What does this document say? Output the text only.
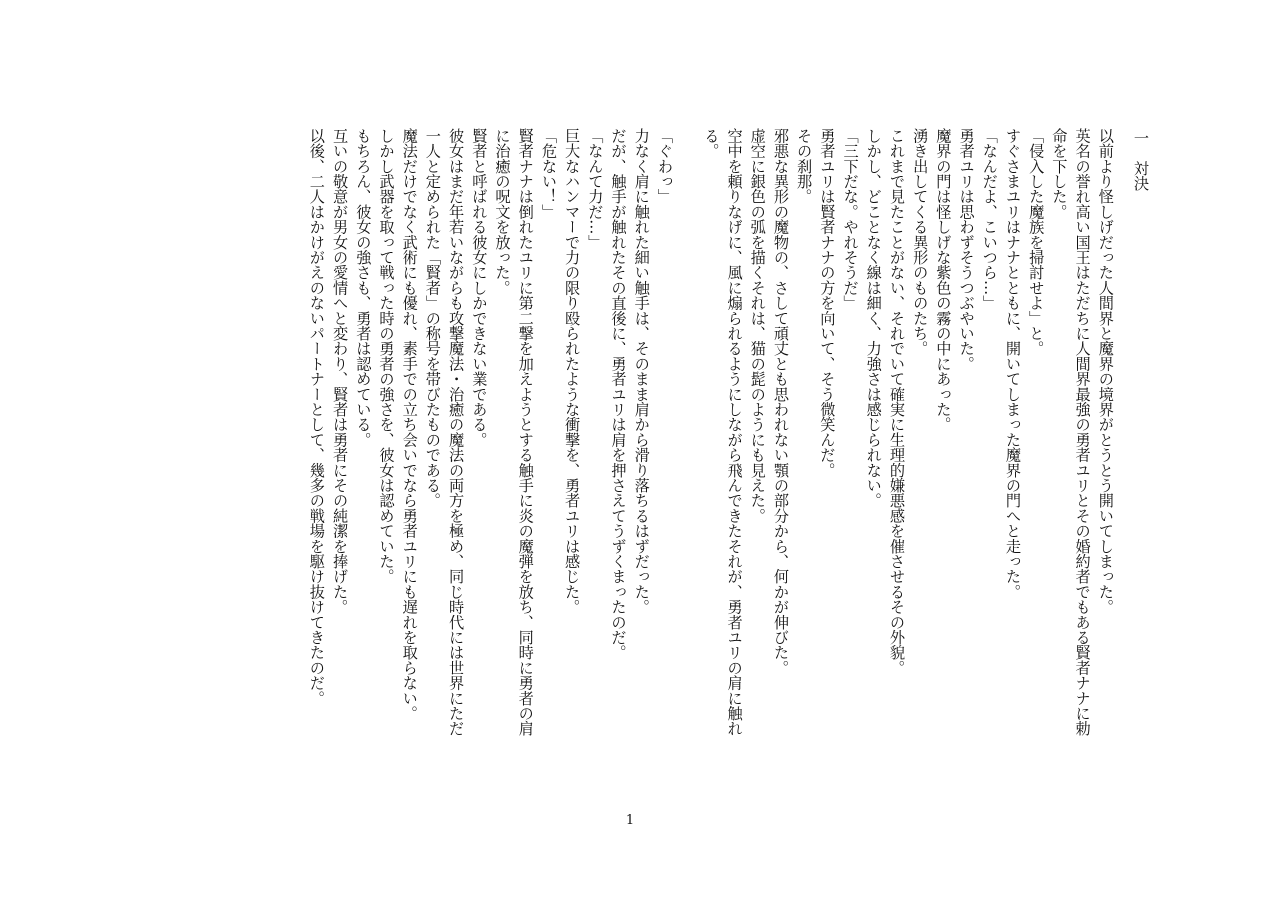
一　対決

以前より怪しげだった人間界と魔界の境界がとうとう開いてしまった。

英名の誉れ高い国王はただちに人間界最強の勇者ユリとその婚約者でもある賢者ナナに勅命を下した。

「侵入した魔族を掃討せよ」と。

すぐさまユリはナナとともに、開いてしまった魔界の門へと走った。

「なんだよ、こいつら…」

勇者ユリは思わずそうつぶやいた。

魔界の門は怪しげな紫色の霧の中にあった。

湧き出してくる異形のものたち。

これまで見たことがない、それでいて確実に生理的嫌悪感を催させるその外貌。

しかし、どことなく線は細く、力強さは感じられない。

「三下だな。やれそうだ」

勇者ユリは賢者ナナの方を向いて、そう微笑んだ。

その刹那。

邪悪な異形の魔物の、さして頑丈とも思われない顎の部分から、何かが伸びた。

虚空に銀色の弧を描くそれは、猫の髭のようにも見えた。

空中を頼りなげに、風に煽られるようにしながら飛んできたそれが、勇者ユリの肩に触れる。

「ぐわっ」

力なく肩に触れた細い触手は、そのまま肩から滑り落ちるはずだった。

だが、触手が触れたその直後に、勇者ユリは肩を押さえてうずくまったのだ。

「なんて力だ…」

巨大なハンマーで力の限り殴られたような衝撃を、勇者ユリは感じた。

「危ない！」

賢者ナナは倒れたユリに第二撃を加えようとする触手に炎の魔弾を放ち、同時に勇者の肩に治癒の呪文を放った。

賢者と呼ばれる彼女にしかできない業である。

彼女はまだ年若いながらも攻撃魔法・治癒の魔法の両方を極め、同じ時代には世界にただ一人と定められた「賢者」の称号を帯びたものである。

魔法だけでなく武術にも優れ、素手での立ち会いでなら勇者ユリにも遅れを取らない。

しかし武器を取って戦った時の勇者の強さを、彼女は認めていた。

もちろん、彼女の強さも、勇者は認めている。

互いの敬意が男女の愛情へと変わり、賢者は勇者にその純潔を捧げた。

以後、二人はかけがえのないパートナーとして、幾多の戦場を駆け抜けてきたのだ。

1
